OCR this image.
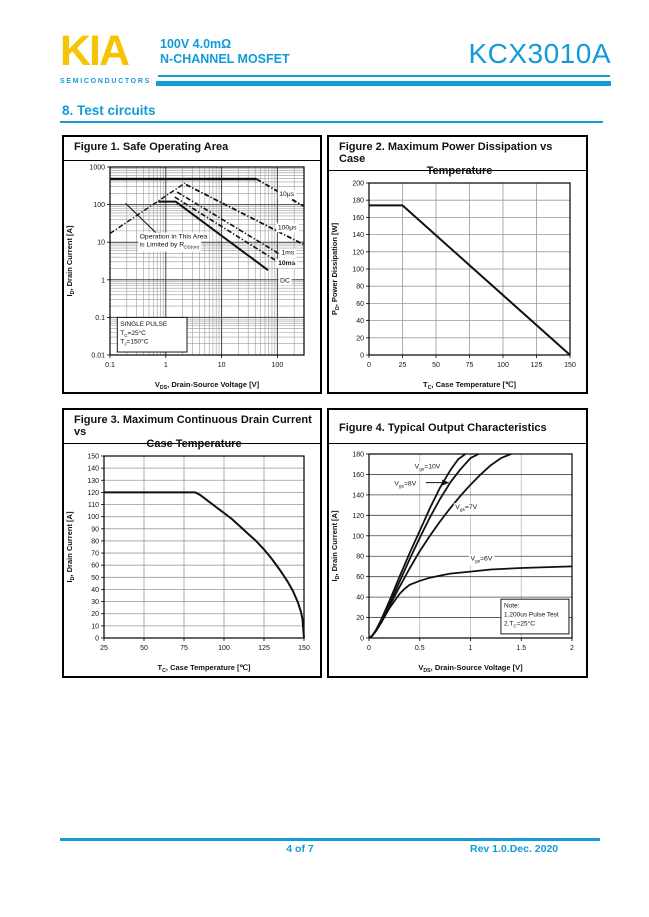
KIA
SEMICONDUCTORS
100V 4.0mΩ
N-CHANNEL MOSFET	KCX3010A
8. Test circuits
Figure 1. Safe Operating Area
0.1	1	10	100
0.01
0.1
1
10
100
1000
SINGLE PULSE
$T_C=25^\circ C$
$T_J=150^\circ C$
10μs
100μs
1ms
10ms
DC
Operation in This Area
is Limited by $R_{DS(on)}$
$V_{DS}$, Drain-Source Voltage [V]
$I_D$, Drain Current [A]
Figure 2. Maximum Power Dissipation vs Case
Temperature
0	25	50	75	100	125	150
0
20
40
60
80
100
120
140
160
180
200
$T_C$, Case Temperature [℃]
$P_D$, Power Dissipation [W]
Figure 3. Maximum Continuous Drain Current vs
Case Temperature
25	50	75	100	125	150
0
10
20
30
40
50
60
70
80
90
100
110
120
130
140
150
$T_C$, Case Temperature [℃]
$I_D$, Drain Current [A]
Figure 4. Typical Output Characteristics
0	0.5	1	1.5	2
0
20
40
60
80
100
120
140
160
180
Note:
1.200us Pulse Test
$2.T_C=25^\circ C$
$V_{gs}=10V$
$V_{gs}=8V$
$V_{gs}=7V$
$V_{gs}=6V$
$V_{DS}$, Drain-Source Voltage [V]
$I_D$, Drain Current [A]
4 of 7	Rev 1.0.Dec. 2020
